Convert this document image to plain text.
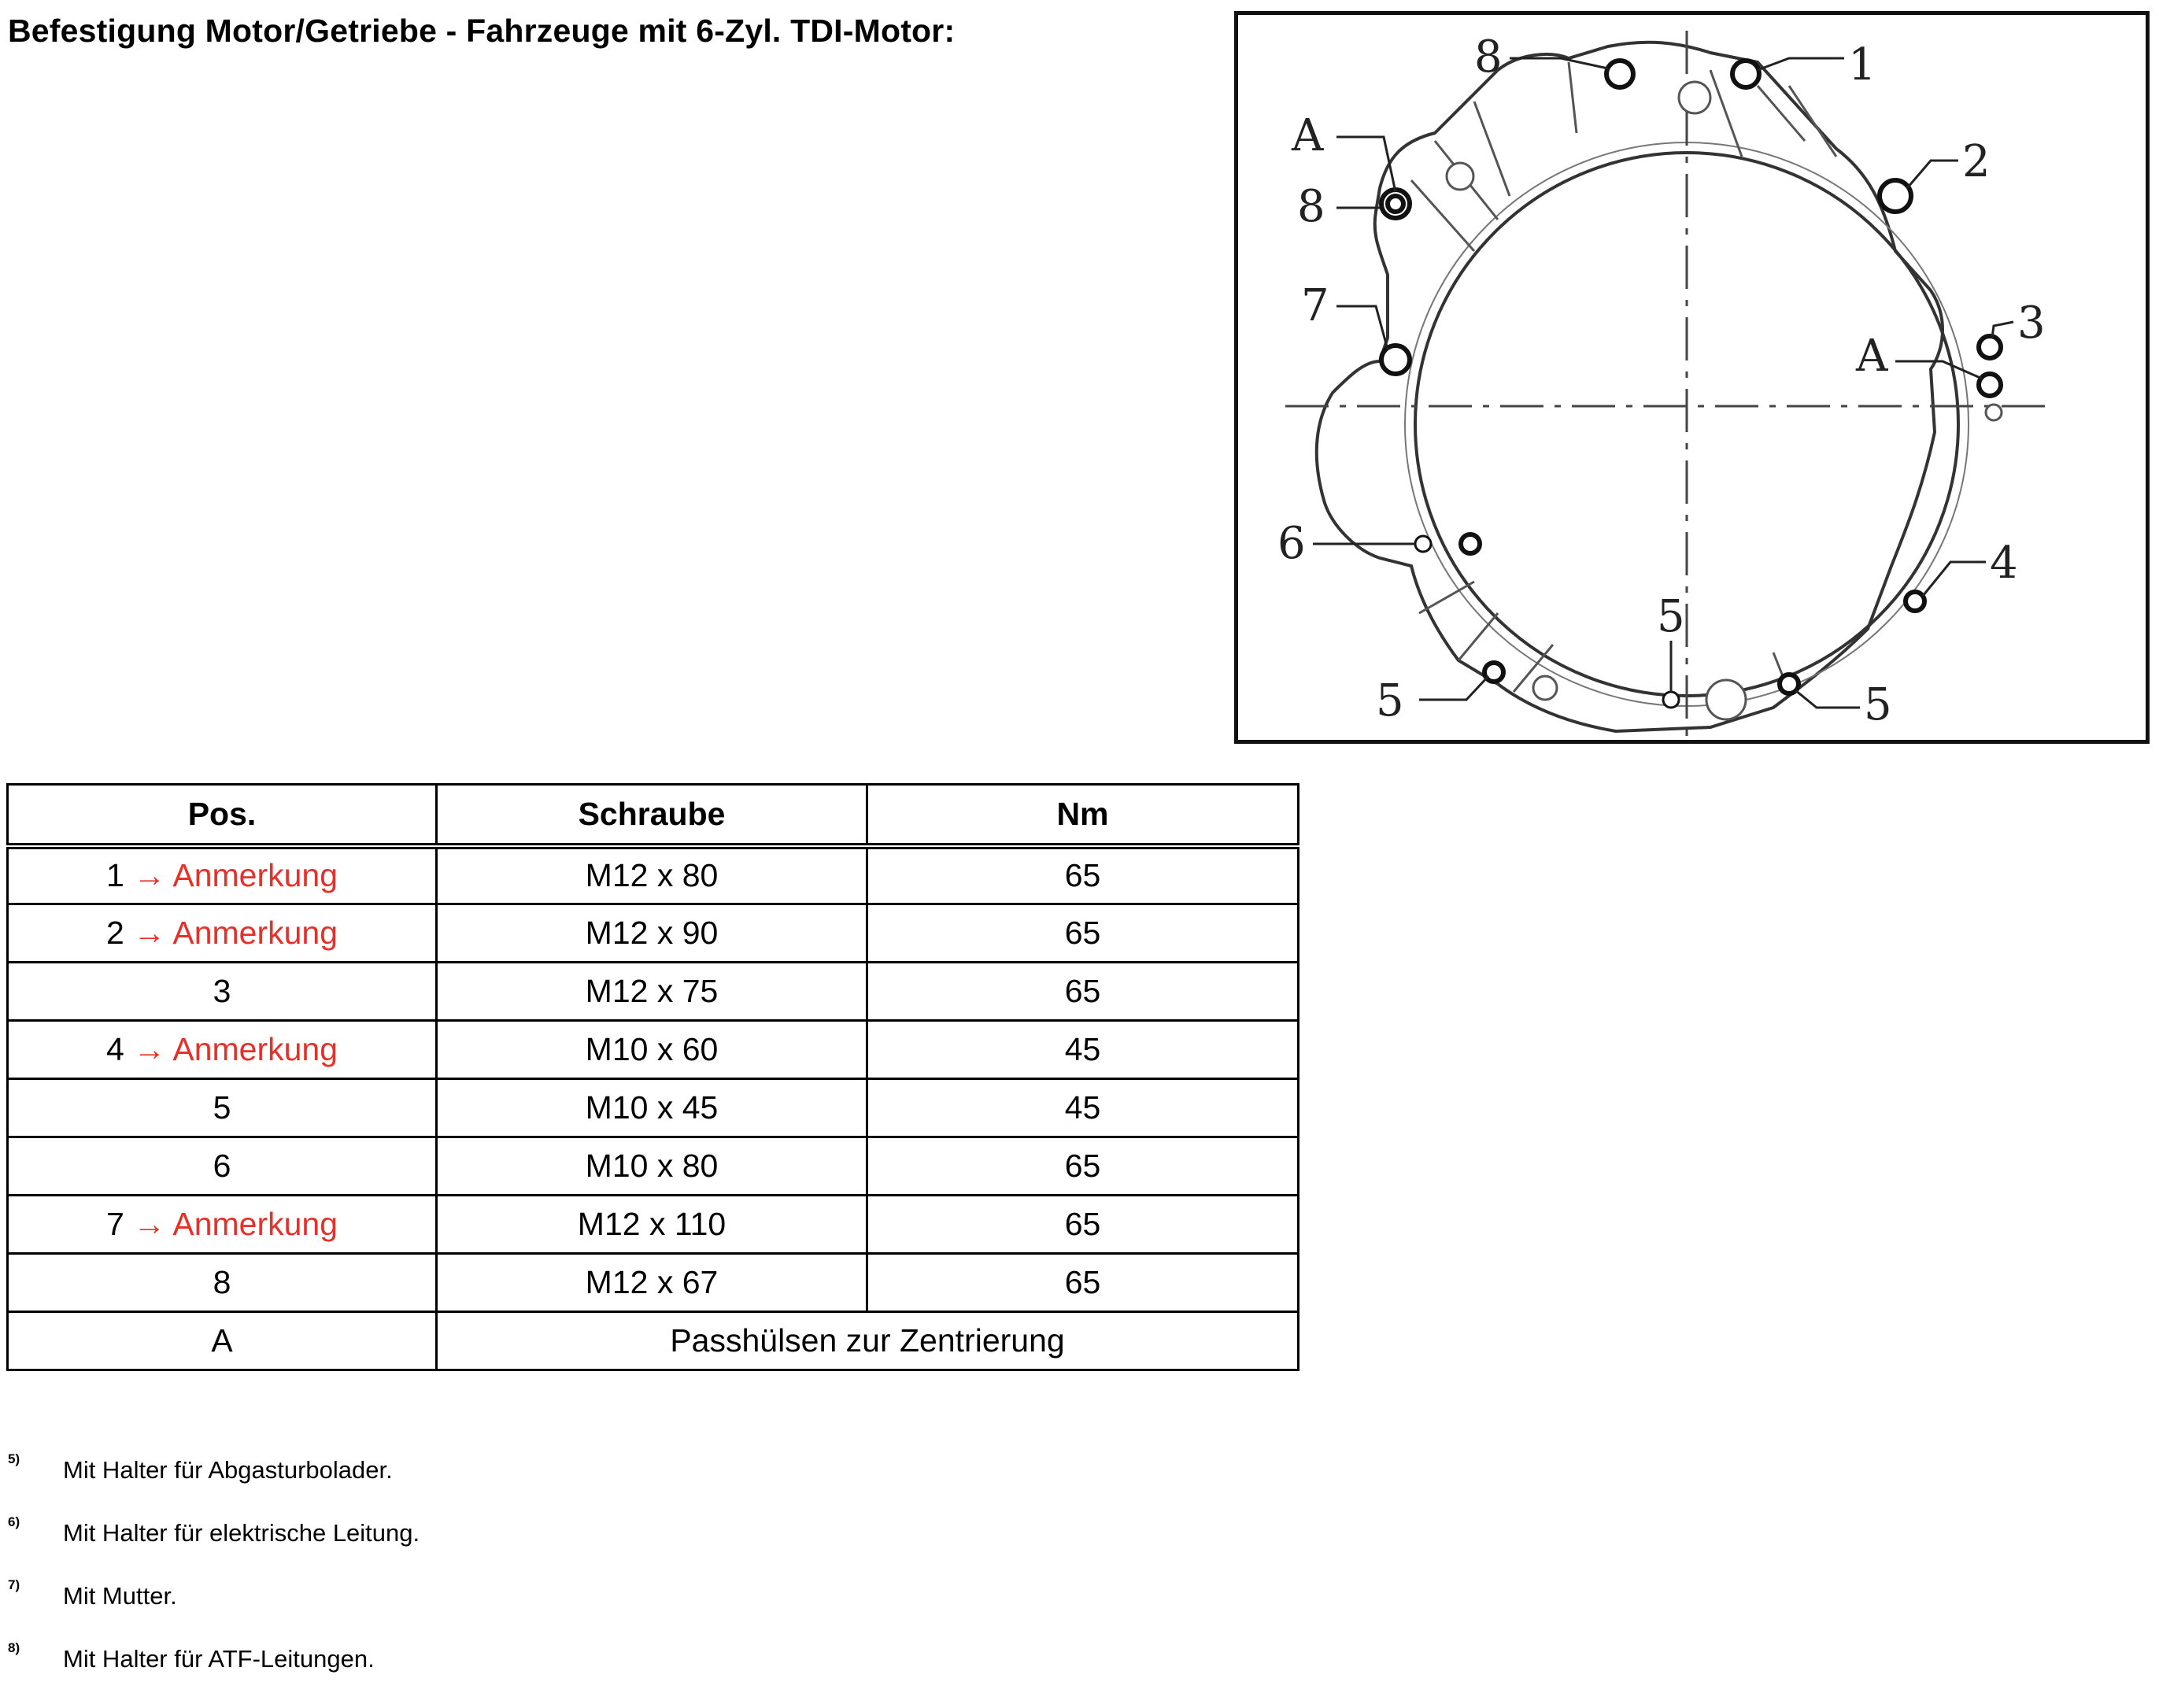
Befestigung Motor/Getriebe - Fahrzeuge mit 6-Zyl. TDI-Motor:
8	1
A
2
8
7	3
A
6	4
5
5	5
Pos.	Schraube	Nm
1 → Anmerkung	M12 x 80	65
2 → Anmerkung	M12 x 90	65
3	M12 x 75	65
4 → Anmerkung	M10 x 60	45
5	M10 x 45	45
6	M10 x 80	65
7 → Anmerkung	M12 x 110	65
8	M12 x 67	65
A	Passhülsen zur Zentrierung	
5) Mit Halter für Abgasturbolader.
6) Mit Halter für elektrische Leitung.
7) Mit Mutter.
8) Mit Halter für ATF-Leitungen.
